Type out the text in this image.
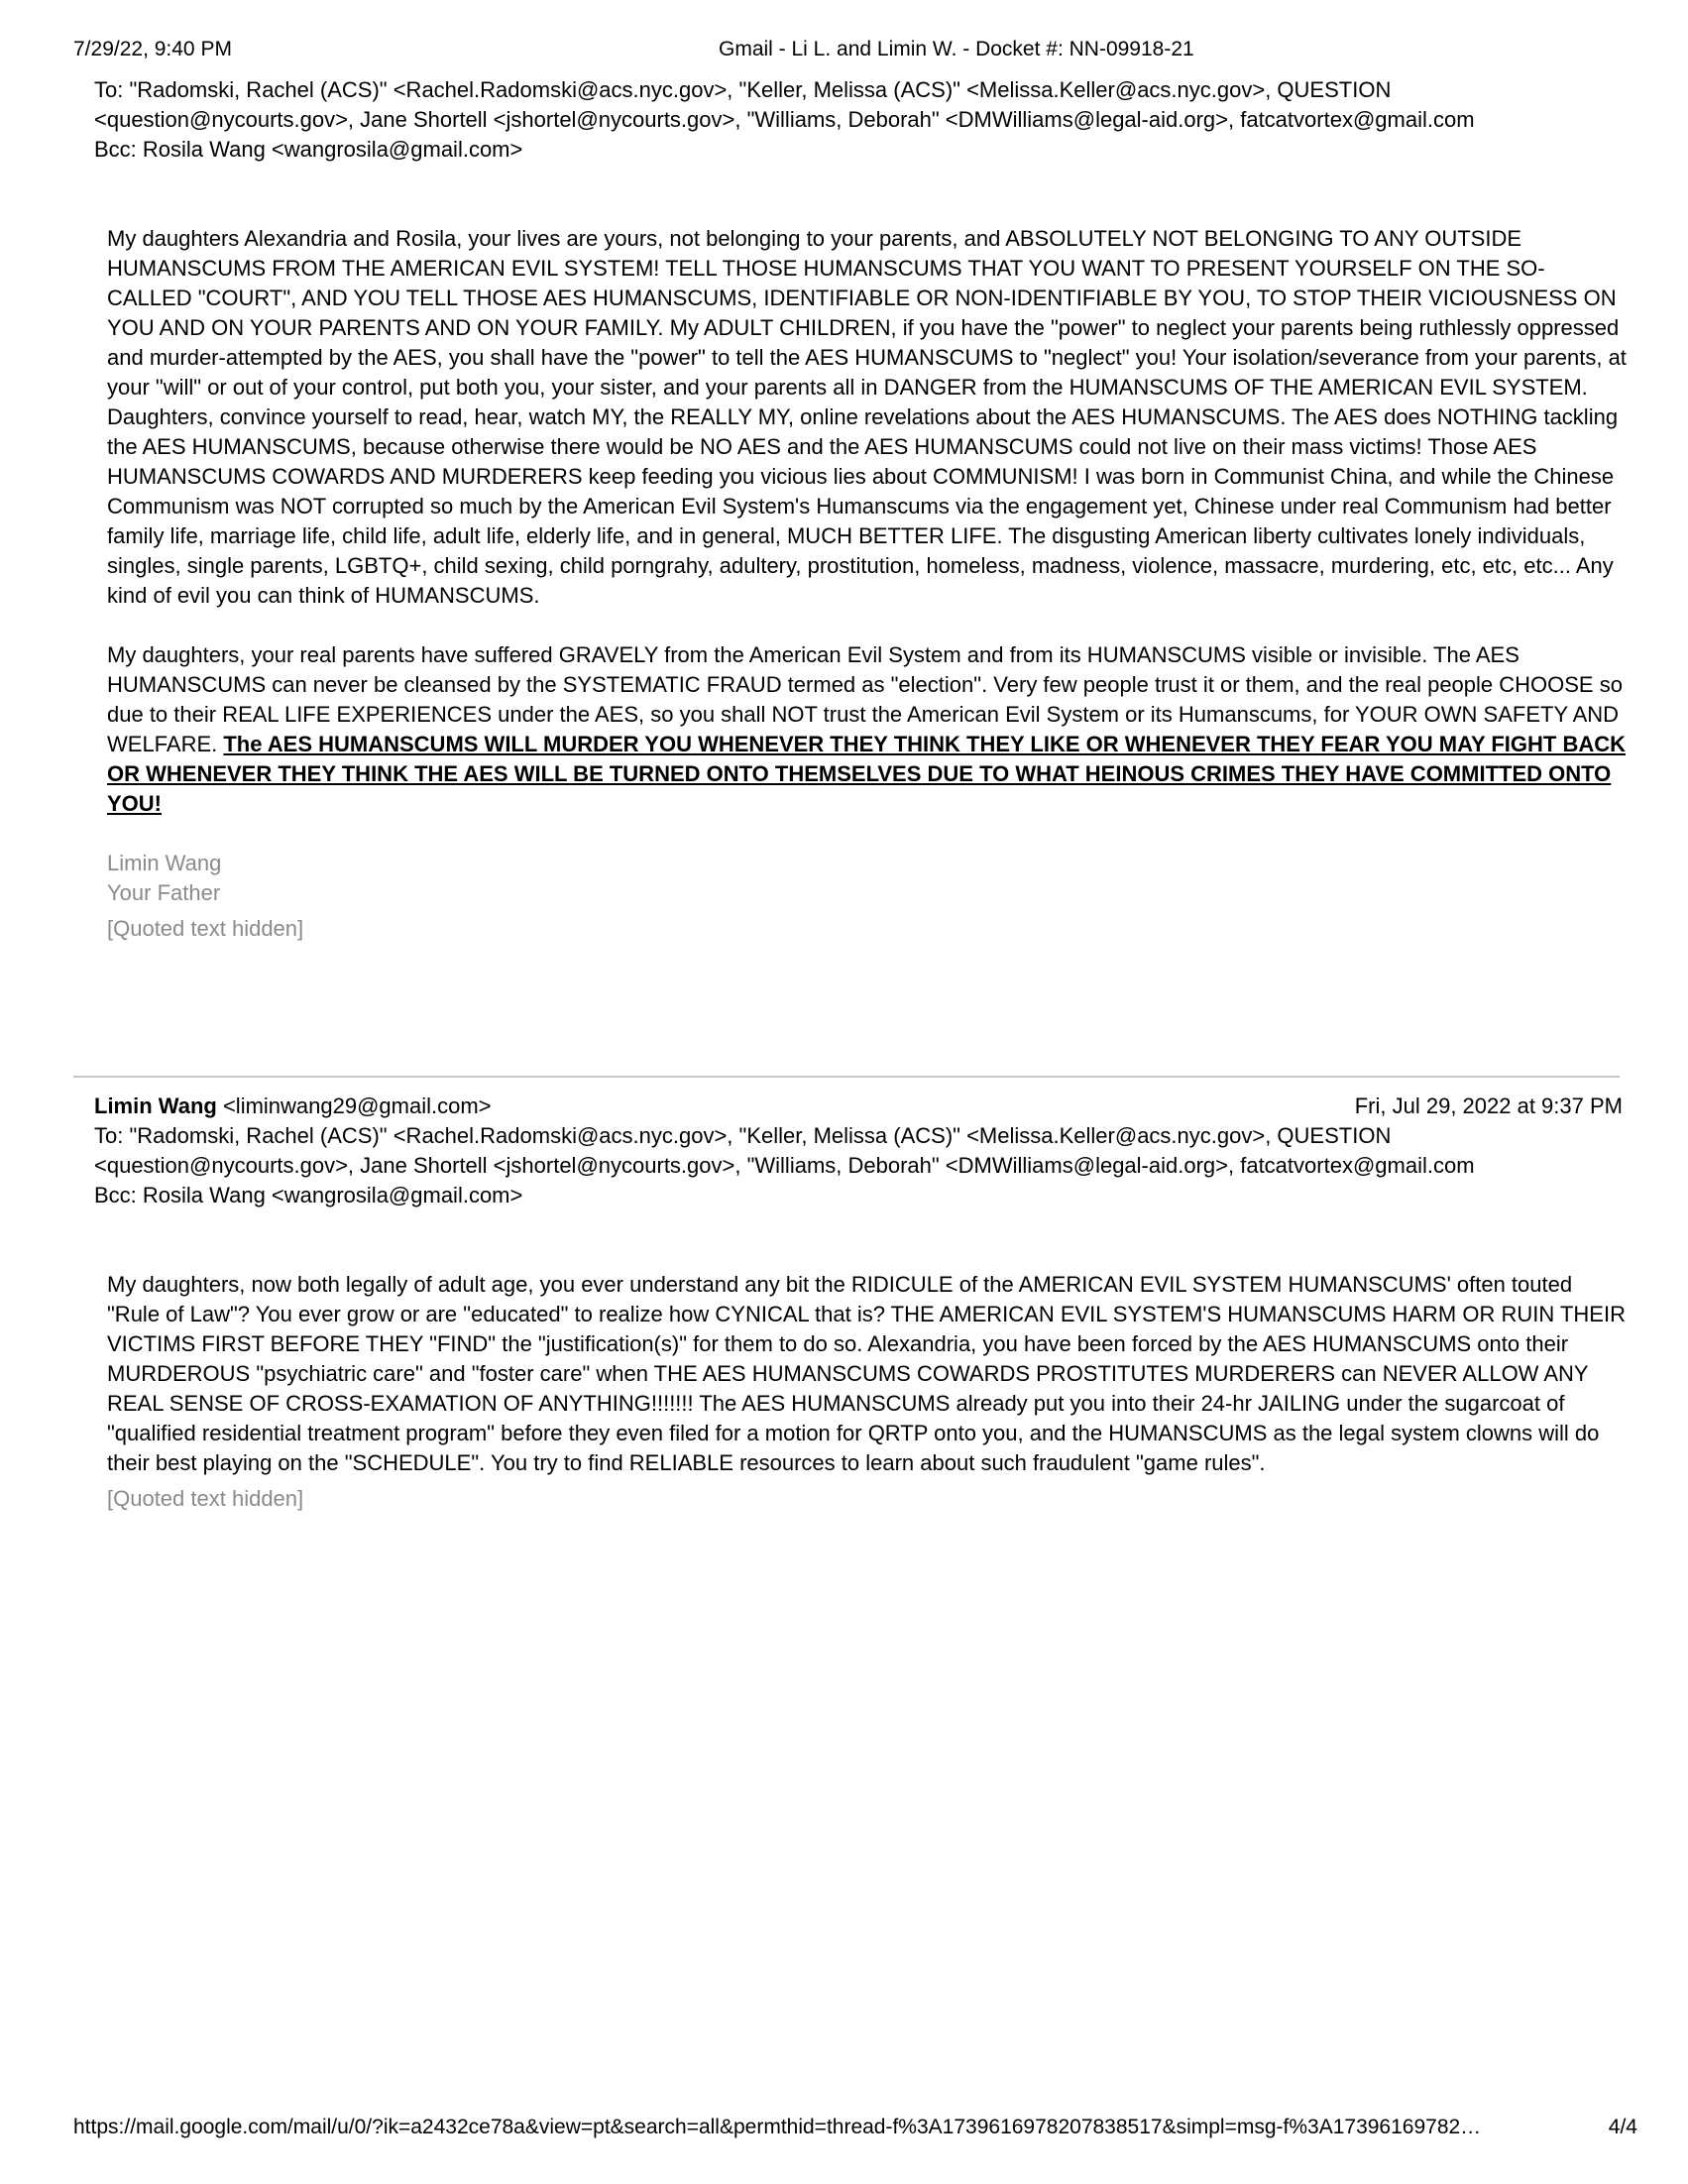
7/29/22, 9:40 PM	Gmail - Li L. and Limin W. - Docket #: NN-09918-21
To: "Radomski, Rachel (ACS)" <Rachel.Radomski@acs.nyc.gov>, "Keller, Melissa (ACS)" <Melissa.Keller@acs.nyc.gov>, QUESTION <question@nycourts.gov>, Jane Shortell <jshortel@nycourts.gov>, "Williams, Deborah" <DMWilliams@legal-aid.org>, fatcatvortex@gmail.com
Bcc: Rosila Wang <wangrosila@gmail.com>

My daughters Alexandria and Rosila, your lives are yours, not belonging to your parents, and ABSOLUTELY NOT BELONGING TO ANY OUTSIDE HUMANSCUMS FROM THE AMERICAN EVIL SYSTEM! TELL THOSE HUMANSCUMS THAT YOU WANT TO PRESENT YOURSELF ON THE SO-CALLED "COURT", AND YOU TELL THOSE AES HUMANSCUMS, IDENTIFIABLE OR NON-IDENTIFIABLE BY YOU, TO STOP THEIR VICIOUSNESS ON YOU AND ON YOUR PARENTS AND ON YOUR FAMILY. My ADULT CHILDREN, if you have the "power" to neglect your parents being ruthlessly oppressed and murder-attempted by the AES, you shall have the "power" to tell the AES HUMANSCUMS to "neglect" you! Your isolation/severance from your parents, at your "will" or out of your control, put both you, your sister, and your parents all in DANGER from the HUMANSCUMS OF THE AMERICAN EVIL SYSTEM. Daughters, convince yourself to read, hear, watch MY, the REALLY MY, online revelations about the AES HUMANSCUMS. The AES does NOTHING tackling the AES HUMANSCUMS, because otherwise there would be NO AES and the AES HUMANSCUMS could not live on their mass victims! Those AES HUMANSCUMS COWARDS AND MURDERERS keep feeding you vicious lies about COMMUNISM! I was born in Communist China, and while the Chinese Communism was NOT corrupted so much by the American Evil System's Humanscums via the engagement yet, Chinese under real Communism had better family life, marriage life, child life, adult life, elderly life, and in general, MUCH BETTER LIFE. The disgusting American liberty cultivates lonely individuals, singles, single parents, LGBTQ+, child sexing, child porngrahy, adultery, prostitution, homeless, madness, violence, massacre, murdering, etc, etc, etc... Any kind of evil you can think of HUMANSCUMS.

My daughters, your real parents have suffered GRAVELY from the American Evil System and from its HUMANSCUMS visible or invisible. The AES HUMANSCUMS can never be cleansed by the SYSTEMATIC FRAUD termed as "election". Very few people trust it or them, and the real people CHOOSE so due to their REAL LIFE EXPERIENCES under the AES, so you shall NOT trust the American Evil System or its Humanscums, for YOUR OWN SAFETY AND WELFARE. The AES HUMANSCUMS WILL MURDER YOU WHENEVER THEY THINK THEY LIKE OR WHENEVER THEY FEAR YOU MAY FIGHT BACK OR WHENEVER THEY THINK THE AES WILL BE TURNED ONTO THEMSELVES DUE TO WHAT HEINOUS CRIMES THEY HAVE COMMITTED ONTO YOU!

Limin Wang
Your Father
[Quoted text hidden]
Limin Wang <liminwang29@gmail.com>	Fri, Jul 29, 2022 at 9:37 PM
To: "Radomski, Rachel (ACS)" <Rachel.Radomski@acs.nyc.gov>, "Keller, Melissa (ACS)" <Melissa.Keller@acs.nyc.gov>, QUESTION <question@nycourts.gov>, Jane Shortell <jshortel@nycourts.gov>, "Williams, Deborah" <DMWilliams@legal-aid.org>, fatcatvortex@gmail.com
Bcc: Rosila Wang <wangrosila@gmail.com>

My daughters, now both legally of adult age, you ever understand any bit the RIDICULE of the AMERICAN EVIL SYSTEM HUMANSCUMS' often touted "Rule of Law"? You ever grow or are "educated" to realize how CYNICAL that is? THE AMERICAN EVIL SYSTEM'S HUMANSCUMS HARM OR RUIN THEIR VICTIMS FIRST BEFORE THEY "FIND" the "justification(s)" for them to do so. Alexandria, you have been forced by the AES HUMANSCUMS onto their MURDEROUS "psychiatric care" and "foster care" when THE AES HUMANSCUMS COWARDS PROSTITUTES MURDERERS can NEVER ALLOW ANY REAL SENSE OF CROSS-EXAMATION OF ANYTHING!!!!!!! The AES HUMANSCUMS already put you into their 24-hr JAILING under the sugarcoat of "qualified residential treatment program" before they even filed for a motion for QRTP onto you, and the HUMANSCUMS as the legal system clowns will do their best playing on the "SCHEDULE". You try to find RELIABLE resources to learn about such fraudulent "game rules".

[Quoted text hidden]
https://mail.google.com/mail/u/0/?ik=a2432ce78a&view=pt&search=all&permthid=thread-f%3A1739616978207838517&simpl=msg-f%3A17396169782…	4/4
